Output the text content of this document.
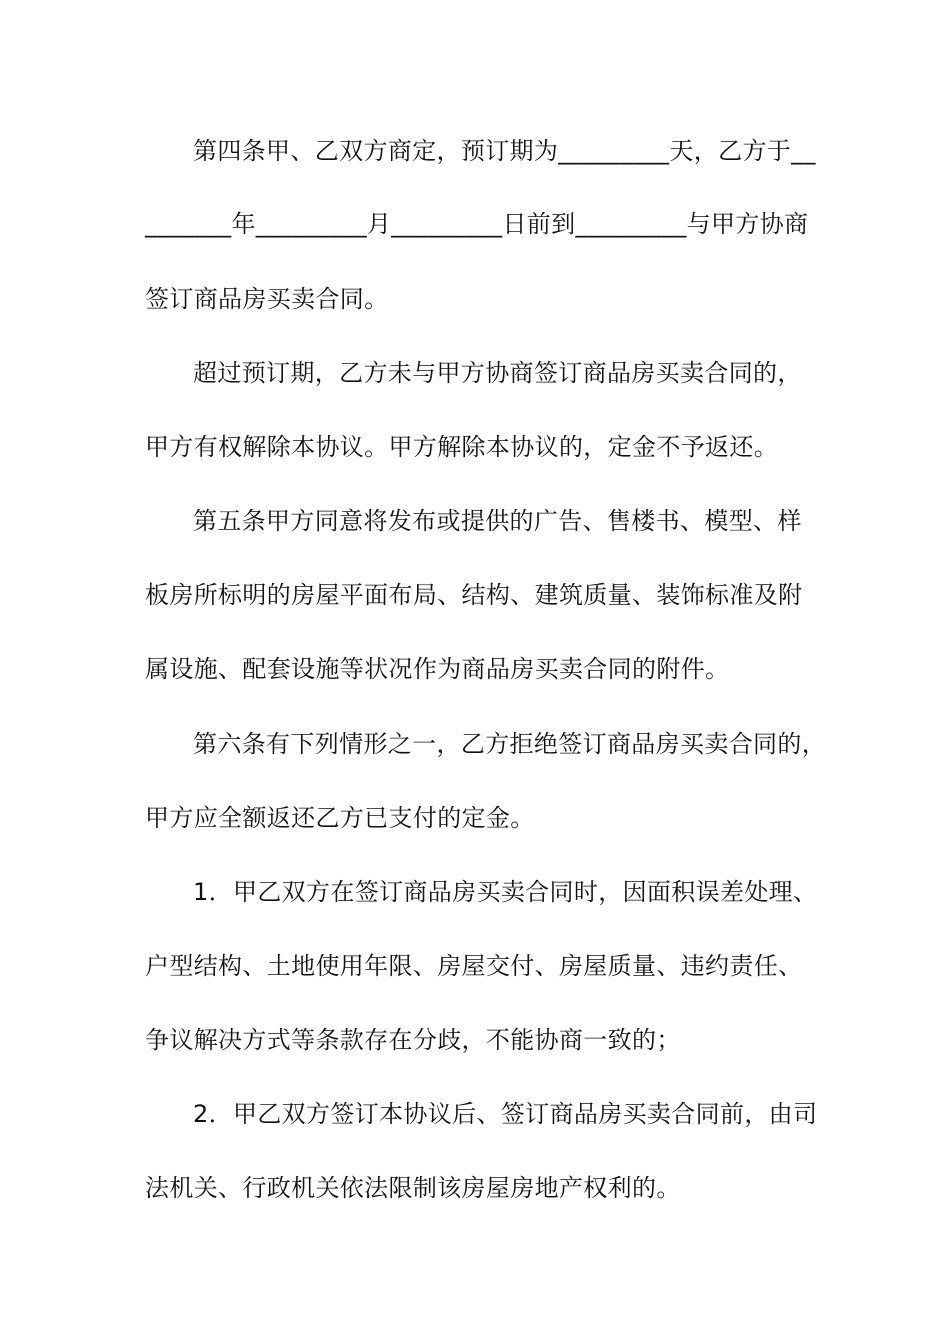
第四条甲、乙双方商定，预订期为_________天，乙方于__
_______年_________月_________日前到_________与甲方协商
签订商品房买卖合同。
超过预订期，乙方未与甲方协商签订商品房买卖合同的，
甲方有权解除本协议。甲方解除本协议的，定金不予返还。
第五条甲方同意将发布或提供的广告、售楼书、模型、样
板房所标明的房屋平面布局、结构、建筑质量、装饰标准及附
属设施、配套设施等状况作为商品房买卖合同的附件。
第六条有下列情形之一，乙方拒绝签订商品房买卖合同的，
甲方应全额返还乙方已支付的定金。
1．甲乙双方在签订商品房买卖合同时，因面积误差处理、
户型结构、土地使用年限、房屋交付、房屋质量、违约责任、
争议解决方式等条款存在分歧，不能协商一致的；
2．甲乙双方签订本协议后、签订商品房买卖合同前，由司
法机关、行政机关依法限制该房屋房地产权利的。
